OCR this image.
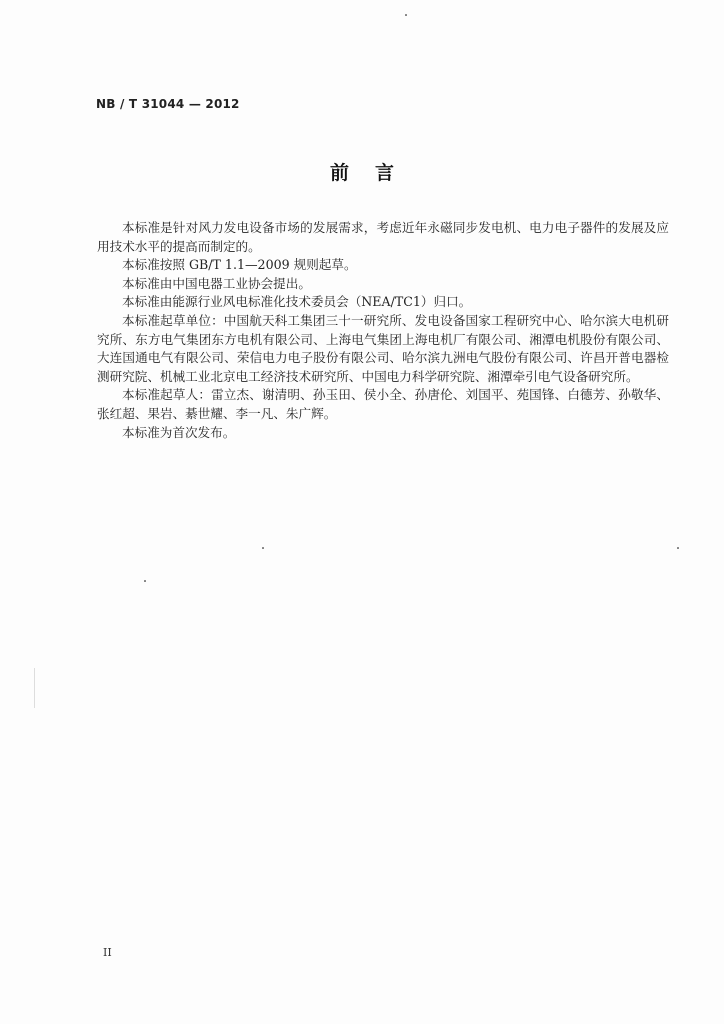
NB / T 31044 — 2012
前言

本标准是针对风力发电设备市场的发展需求，考虑近年永磁同步发电机、电力电子器件的发展及应用技术水平的提高而制定的。

本标准按照 GB/T 1.1—2009 规则起草。

本标准由中国电器工业协会提出。

本标准由能源行业风电标准化技术委员会（NEA/TC1）归口。

本标准起草单位：中国航天科工集团三十一研究所、发电设备国家工程研究中心、哈尔滨大电机研究所、东方电气集团东方电机有限公司、上海电气集团上海电机厂有限公司、湘潭电机股份有限公司、大连国通电气有限公司、荣信电力电子股份有限公司、哈尔滨九洲电气股份有限公司、许昌开普电器检测研究院、机械工业北京电工经济技术研究所、中国电力科学研究院、湘潭牵引电气设备研究所。

本标准起草人：雷立杰、谢清明、孙玉田、侯小全、孙唐伦、刘国平、苑国锋、白德芳、孙敬华、张红超、果岩、綦世耀、李一凡、朱广辉。

本标准为首次发布。

II
